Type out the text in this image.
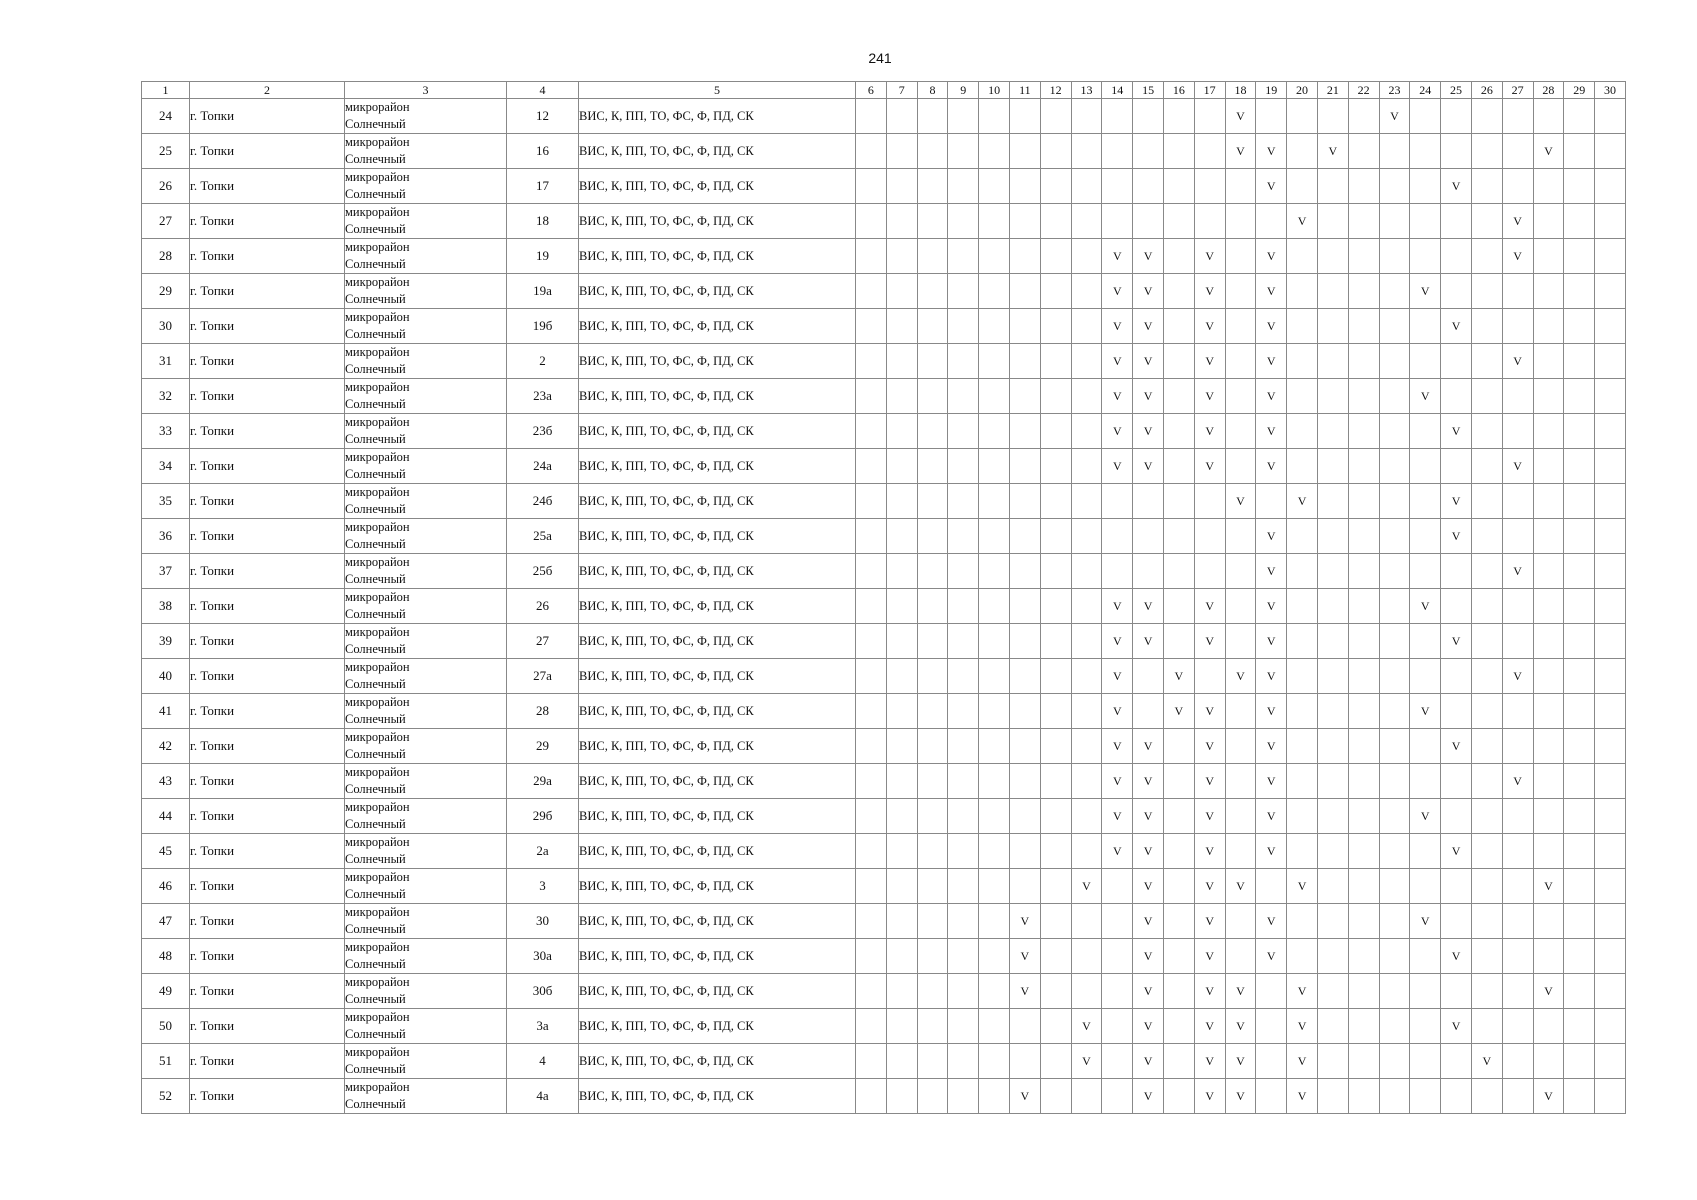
241
1	2	3	4	5	6	7	8	9	10	11	12	13	14	15	16	17	18	19	20	21	22	23	24	25	26	27	28	29	30
24	г. Топки	микрорайон
Солнечный	12	ВИС, К, ПП, ТО, ФС, Ф, ПД, СК													V					V							
25	г. Топки	микрорайон
Солнечный	16	ВИС, К, ПП, ТО, ФС, Ф, ПД, СК													V	V		V							V		
26	г. Топки	микрорайон
Солнечный	17	ВИС, К, ПП, ТО, ФС, Ф, ПД, СК														V						V					
27	г. Топки	микрорайон
Солнечный	18	ВИС, К, ПП, ТО, ФС, Ф, ПД, СК															V							V			
28	г. Топки	микрорайон
Солнечный	19	ВИС, К, ПП, ТО, ФС, Ф, ПД, СК									V	V		V		V								V			
29	г. Топки	микрорайон
Солнечный	19а	ВИС, К, ПП, ТО, ФС, Ф, ПД, СК									V	V		V		V					V						
30	г. Топки	микрорайон
Солнечный	19б	ВИС, К, ПП, ТО, ФС, Ф, ПД, СК									V	V		V		V						V					
31	г. Топки	микрорайон
Солнечный	2	ВИС, К, ПП, ТО, ФС, Ф, ПД, СК									V	V		V		V								V			
32	г. Топки	микрорайон
Солнечный	23а	ВИС, К, ПП, ТО, ФС, Ф, ПД, СК									V	V		V		V					V						
33	г. Топки	микрорайон
Солнечный	23б	ВИС, К, ПП, ТО, ФС, Ф, ПД, СК									V	V		V		V						V					
34	г. Топки	микрорайон
Солнечный	24а	ВИС, К, ПП, ТО, ФС, Ф, ПД, СК									V	V		V		V								V			
35	г. Топки	микрорайон
Солнечный	24б	ВИС, К, ПП, ТО, ФС, Ф, ПД, СК													V		V					V					
36	г. Топки	микрорайон
Солнечный	25а	ВИС, К, ПП, ТО, ФС, Ф, ПД, СК														V						V					
37	г. Топки	микрорайон
Солнечный	25б	ВИС, К, ПП, ТО, ФС, Ф, ПД, СК														V								V			
38	г. Топки	микрорайон
Солнечный	26	ВИС, К, ПП, ТО, ФС, Ф, ПД, СК									V	V		V		V					V						
39	г. Топки	микрорайон
Солнечный	27	ВИС, К, ПП, ТО, ФС, Ф, ПД, СК									V	V		V		V						V					
40	г. Топки	микрорайон
Солнечный	27а	ВИС, К, ПП, ТО, ФС, Ф, ПД, СК									V		V		V	V								V			
41	г. Топки	микрорайон
Солнечный	28	ВИС, К, ПП, ТО, ФС, Ф, ПД, СК									V		V	V		V					V						
42	г. Топки	микрорайон
Солнечный	29	ВИС, К, ПП, ТО, ФС, Ф, ПД, СК									V	V		V		V						V					
43	г. Топки	микрорайон
Солнечный	29а	ВИС, К, ПП, ТО, ФС, Ф, ПД, СК									V	V		V		V								V			
44	г. Топки	микрорайон
Солнечный	29б	ВИС, К, ПП, ТО, ФС, Ф, ПД, СК									V	V		V		V					V						
45	г. Топки	микрорайон
Солнечный	2а	ВИС, К, ПП, ТО, ФС, Ф, ПД, СК									V	V		V		V						V					
46	г. Топки	микрорайон
Солнечный	3	ВИС, К, ПП, ТО, ФС, Ф, ПД, СК								V		V		V	V		V								V		
47	г. Топки	микрорайон
Солнечный	30	ВИС, К, ПП, ТО, ФС, Ф, ПД, СК						V				V		V		V					V						
48	г. Топки	микрорайон
Солнечный	30а	ВИС, К, ПП, ТО, ФС, Ф, ПД, СК						V				V		V		V						V					
49	г. Топки	микрорайон
Солнечный	30б	ВИС, К, ПП, ТО, ФС, Ф, ПД, СК						V				V		V	V		V								V		
50	г. Топки	микрорайон
Солнечный	3а	ВИС, К, ПП, ТО, ФС, Ф, ПД, СК								V		V		V	V		V					V					
51	г. Топки	микрорайон
Солнечный	4	ВИС, К, ПП, ТО, ФС, Ф, ПД, СК								V		V		V	V		V						V				
52	г. Топки	микрорайон
Солнечный	4а	ВИС, К, ПП, ТО, ФС, Ф, ПД, СК						V				V		V	V		V								V		
